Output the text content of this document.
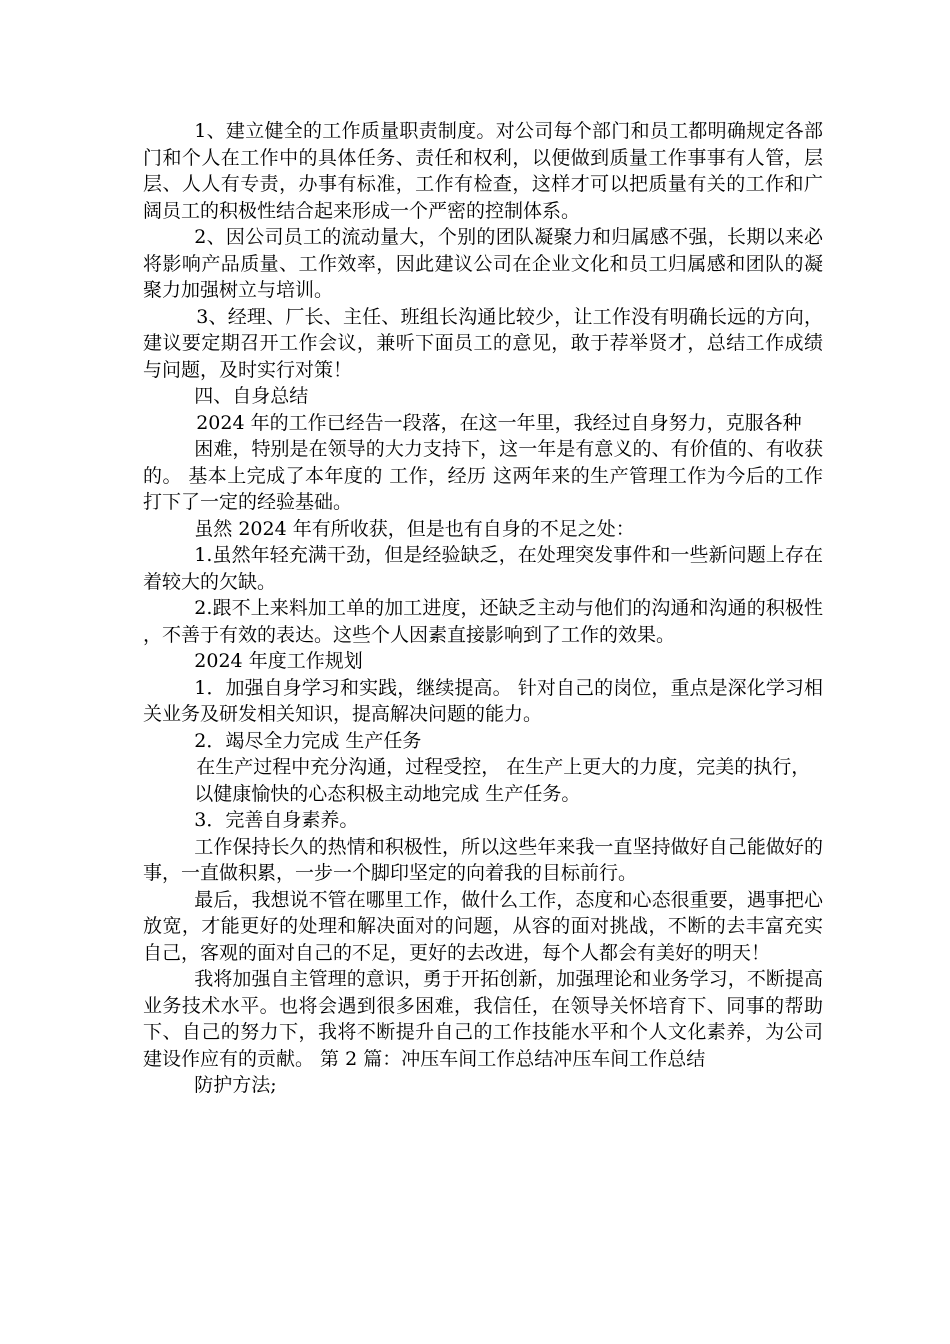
1、建立健全的工作质量职责制度。对公司每个部门和员工都明确规定各部门和个人在工作中的具体任务、责任和权利，以便做到质量工作事事有人管，层层、人人有专责，办事有标准，工作有检查，这样才可以把质量有关的工作和广阔员工的积极性结合起来形成一个严密的控制体系。

2、因公司员工的流动量大，个别的团队凝聚力和归属感不强，长期以来必将影响产品质量、工作效率，因此建议公司在企业文化和员工归属感和团队的凝聚力加强树立与培训。

3、经理、厂长、主任、班组长沟通比较少，让工作没有明确长远的方向，建议要定期召开工作会议，兼听下面员工的意见，敢于荐举贤才，总结工作成绩与问题，及时实行对策！

四、自身总结

2024 年的工作已经告一段落，在这一年里，我经过自身努力，克服各种

困难，特别是在领导的大力支持下，这一年是有意义的、有价值的、有收获的。 基本上完成了本年度的 工作，经历 这两年来的生产管理工作为今后的工作打下了一定的经验基础。

虽然 2024 年有所收获，但是也有自身的不足之处：

1.虽然年轻充满干劲，但是经验缺乏，在处理突发事件和一些新问题上存在着较大的欠缺。

2.跟不上来料加工单的加工进度，还缺乏主动与他们的沟通和沟通的积极性 ，不善于有效的表达。这些个人因素直接影响到了工作的效果。

2024 年度工作规划

1．加强自身学习和实践，继续提高。 针对自己的岗位，重点是深化学习相关业务及研发相关知识，提高解决问题的能力。

2．竭尽全力完成 生产任务

在生产过程中充分沟通，过程受控， 在生产上更大的力度，完美的执行，

以健康愉快的心态积极主动地完成 生产任务。

3．完善自身素养。

工作保持长久的热情和积极性，所以这些年来我一直坚持做好自己能做好的事，一直做积累，一步一个脚印坚定的向着我的目标前行。

最后，我想说不管在哪里工作，做什么工作，态度和心态很重要，遇事把心放宽，才能更好的处理和解决面对的问题，从容的面对挑战，不断的去丰富充实自己，客观的面对自己的不足，更好的去改进，每个人都会有美好的明天！

我将加强自主管理的意识，勇于开拓创新，加强理论和业务学习，不断提高业务技术水平。也将会遇到很多困难，我信任，在领导关怀培育下、同事的帮助下、自己的努力下，我将不断提升自己的工作技能水平和个人文化素养，为公司 建设作应有的贡献。 第 2 篇：冲压车间工作总结冲压车间工作总结

防护方法;
